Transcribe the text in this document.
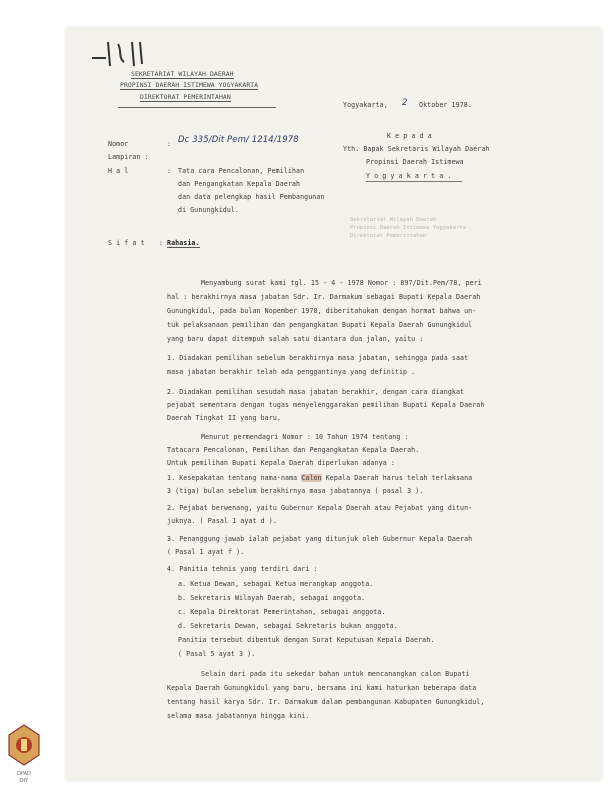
SEKRETARIAT WILAYAH DAERAH
PROPINSI DAERAH ISTIMEWA YOGYAKARTA
DIREKTORAT PEMERINTAHAN
Yogyakarta, 2 Oktober 1978.
Nomor	: Dc 335/Dit Pem/ 1214/1978
Lampiran :
H a l	: Tata cara Pencalonan, Pemilihan
dan Pengangkatan Kepala Daerah
dan data pelengkap hasil Pembangunan
di Gunungkidul.
K e p a d a
Yth. Bapak Sekretaris Wilayah Daerah
Propinsi Daerah Istimewa
Y o g y a k a r t a .
Sekretariat Wilayah Daerah
Propinsi Daerah Istimewa Yogyakarta
Direktorat Pemerintahan
S i f a t : Rahasia.
Menyambung surat kami tgl. 15 - 4 - 1978 Nomor : 897/Dit.Pem/78, peri
hal : berakhirnya masa jabatan Sdr. Ir. Darmakum sebagai Bupati Kepala Daerah
Gunungkidul, pada bulan Nopember 1978, diberitahukan dengan hormat bahwa un-
tuk pelaksanaan pemilihan dan pengangkatan Bupati Kepala Daerah Gunungkidul
yang baru dapat ditempuh salah satu diantara dua jalan, yaitu :
1. Diadakan pemilihan sebelum berakhirnya masa jabatan, sehingga pada saat
masa jabatan berakhir telah ada penggantinya yang definitip .
2. Diadakan pemilihan sesudah masa jabatan berakhir, dengan cara diangkat
pejabat sementara dengan tugas menyelenggarakan pemilihan Bupati Kepala Daerah
Daerah Tingkat II yang baru.
Menurut permendagri Nomor : 10 Tahun 1974 tentang :
Tatacara Pencalonan, Pemilihan dan Pengangkatan Kepala Daerah.
Untuk pemilihan Bupati Kepala Daerah diperlukan adanya :
1. Kesepakatan tentang nama-nama Calon Kepala Daerah harus telah terlaksana
3 (tiga) bulan sebelum berakhirnya masa jabatannya ( pasal 3 ).
2. Pejabat berwenang, yaitu Gubernur Kepala Daerah atau Pejabat yang ditun-
juknya. ( Pasal 1 ayat d ).
3. Penanggung jawab ialah pejabat yang ditunjuk oleh Gubernur Kepala Daerah
( Pasal 1 ayat f ).
4. Panitia tehnis yang terdiri dari :
a. Ketua Dewan, sebagai Ketua merangkap anggota.
b. Sekretaris Wilayah Daerah, sebagai anggota.
c. Kepala Direktorat Pemerintahan, sebagai anggota.
d. Sekretaris Dewan, sebagai Sekretaris bukan anggota.
Panitia tersebut dibentuk dengan Surat Keputusan Kepala Daerah.
( Pasal 5 ayat 3 ).
Selain dari pada itu sekedar bahan untuk mencanangkan calon Bupati
Kepala Daerah Gunungkidul yang baru, bersama ini kami haturkan beberapa data
tentang hasil karya Sdr. Ir. Darmakum dalam pembangunan Kabupaten Gunungkidul,
selama masa jabatannya hingga kini.
DPAD
DIY
